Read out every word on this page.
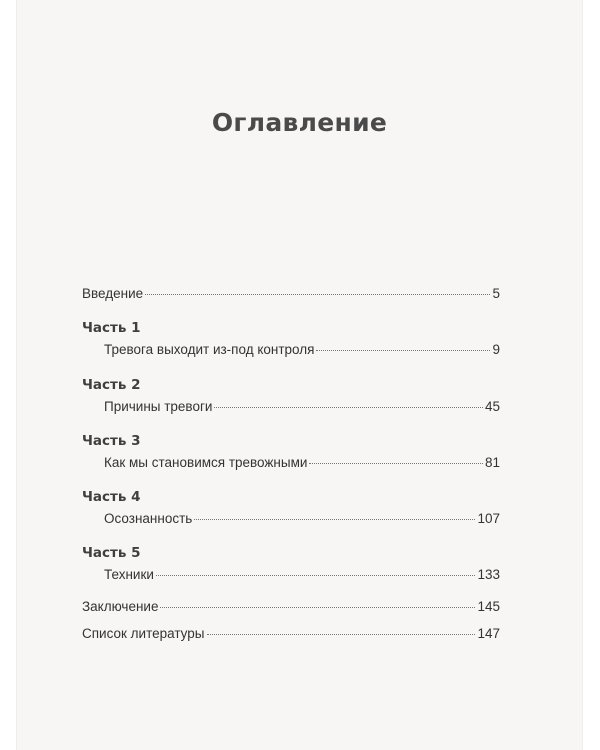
Оглавление
Введение	5
Часть 1
Тревога выходит из-под контроля	9
Часть 2
Причины тревоги	45
Часть 3
Как мы становимся тревожными	81
Часть 4
Осознанность	107
Часть 5
Техники	133
Заключение	145
Список литературы	147
